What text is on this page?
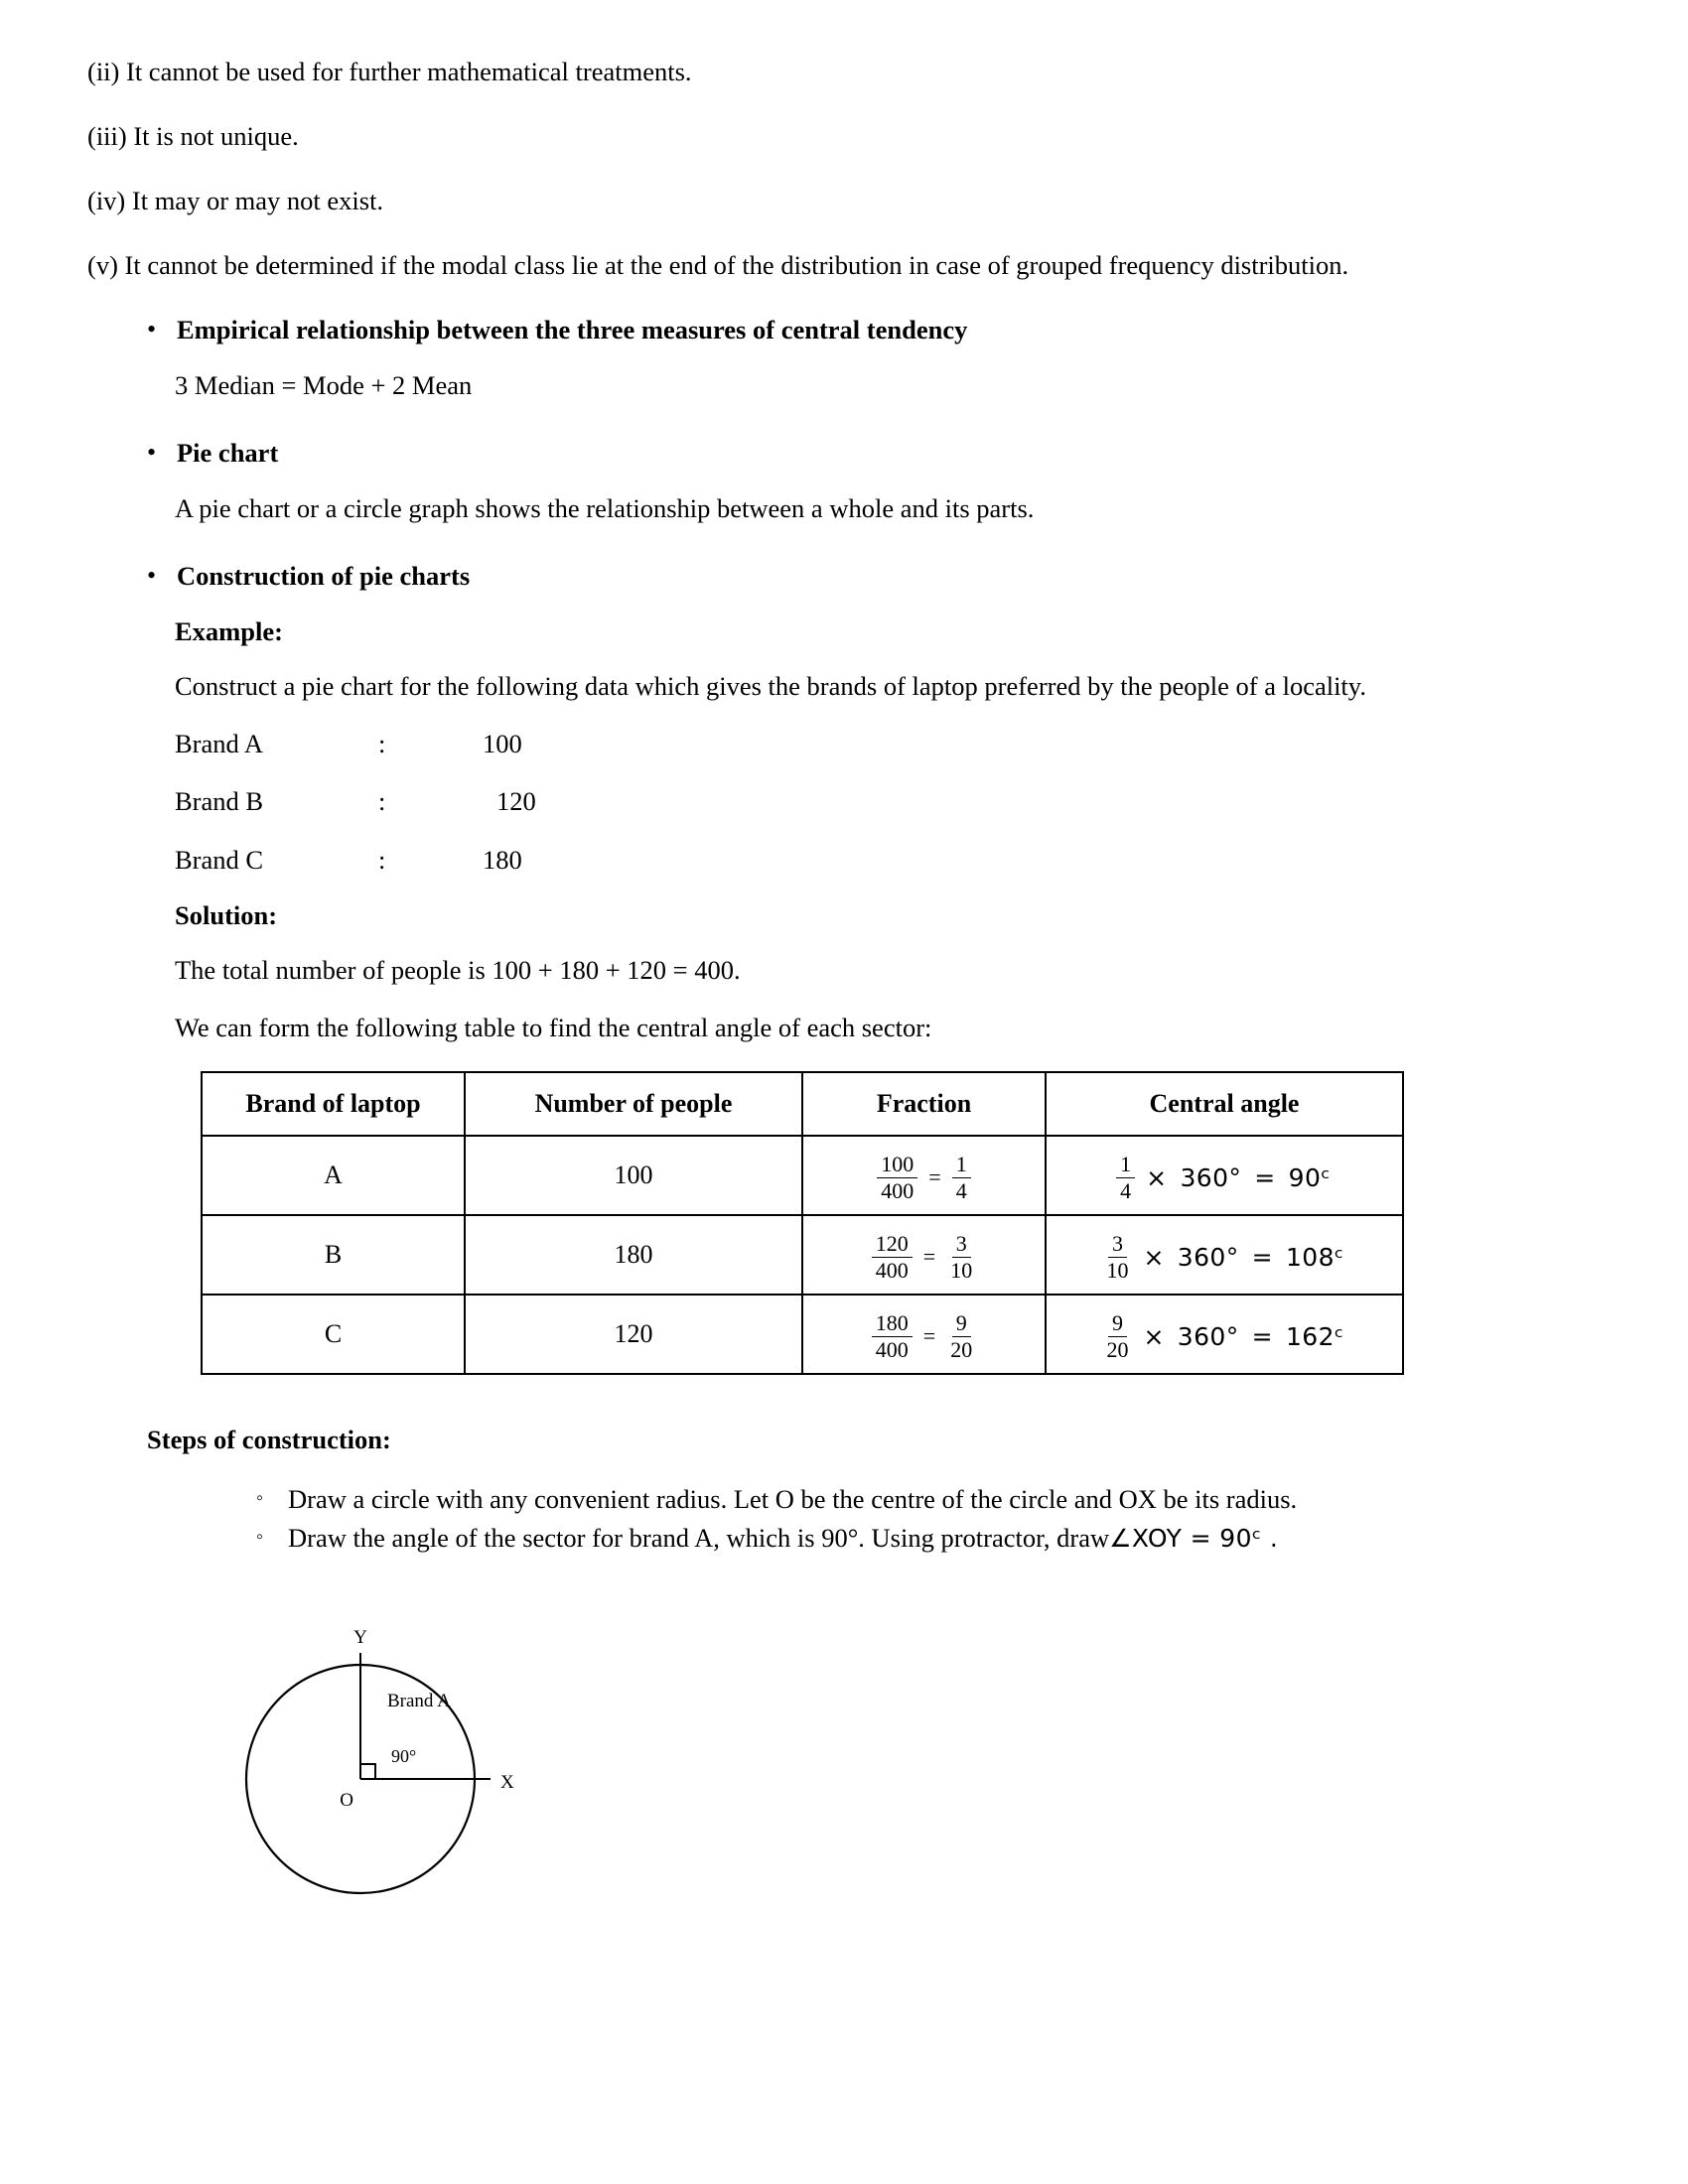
(ii) It cannot be used for further mathematical treatments.

(iii) It is not unique.

(iv) It may or may not exist.

(v) It cannot be determined if the modal class lie at the end of the distribution in case of grouped frequency distribution.

•
Empirical relationship between the three measures of central tendency
3 Median = Mode + 2 Mean
•
Pie chart
A pie chart or a circle graph shows the relationship between a whole and its parts.
•
Construction of pie charts
Example:
Construct a pie chart for the following data which gives the brands of laptop preferred by the people of a locality.
Brand A	:	100
Brand B	:	120
Brand C	:	180
Solution:
The total number of people is 100 + 180 + 120 = 400.
We can form the following table to find the central angle of each sector:
Brand of laptop	Number of people	Fraction	Central angle
A	100	$\frac{100}{400} = \frac{1}{4}$	$\frac{1}{4} \times 360^\circ$ = 90ᶜ

B	180	$\frac{120}{400} = \frac{3}{10}$	$\frac{3}{10} \times 360^\circ$ = 108ᶜ

C	120	$\frac{180}{400} = \frac{9}{20}$	$\frac{9}{20} \times 360^\circ$ = 162ᶜ
Steps of construction:
◦
Draw a circle with any convenient radius. Let O be the centre of the circle and OX be its radius.
◦
Draw the angle of the sector for brand A, which is 90°. Using protractor, draw∠XOY = 90ᶜ .
Y
X
O
Brand A
90°
